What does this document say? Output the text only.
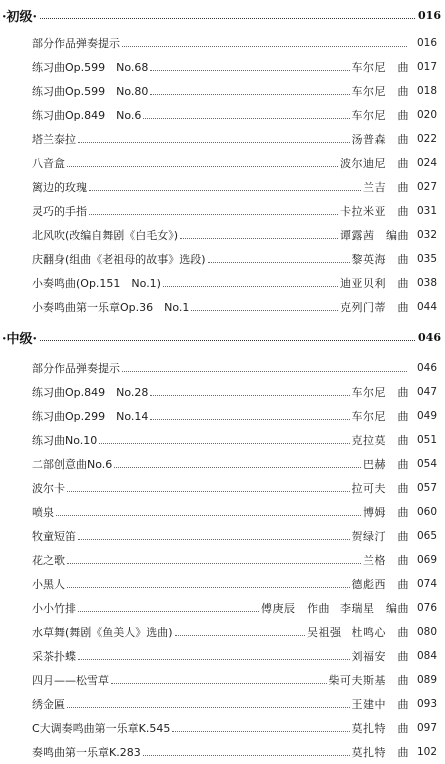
·初级·	016
部分作品弹奏提示	016
练习曲Op.599　No.68	车尔尼　曲 017
练习曲Op.599　No.80	车尔尼　曲 018
练习曲Op.849　No.6	车尔尼　曲 020
塔兰泰拉	汤普森　曲 022
八音盒	波尔迪尼　曲 024
篱边的玫瑰	兰吉　曲 027
灵巧的手指	卡拉米亚　曲 031
北风吹(改编自舞剧《白毛女》)	谭露茜　编曲 032
庆翻身(组曲《老祖母的故事》选段)	黎英海　曲 035
小奏鸣曲(Op.151　No.1)	迪亚贝利　曲 038
小奏鸣曲第一乐章Op.36　No.1	克列门蒂　曲 044
·中级·	046
部分作品弹奏提示	046
练习曲Op.849　No.28	车尔尼　曲 047
练习曲Op.299　No.14	车尔尼　曲 049
练习曲No.10	克拉莫　曲 051
二部创意曲No.6	巴赫　曲 054
波尔卡	拉可夫　曲 057
喷泉	博姆　曲 060
牧童短笛	贺绿汀　曲 065
花之歌	兰格　曲 069
小黑人	德彪西　曲 074
小小竹排	傅庚辰　作曲 李瑞星　编曲 076
水草舞(舞剧《鱼美人》选曲)	吴祖强 杜鸣心　曲 080
采茶扑蝶	刘福安　曲 084
四月——松雪草	柴可夫斯基　曲 089
绣金匾	王建中　曲 093
C大调奏鸣曲第一乐章K.545	莫扎特　曲 097
奏鸣曲第一乐章K.283	莫扎特　曲 102
